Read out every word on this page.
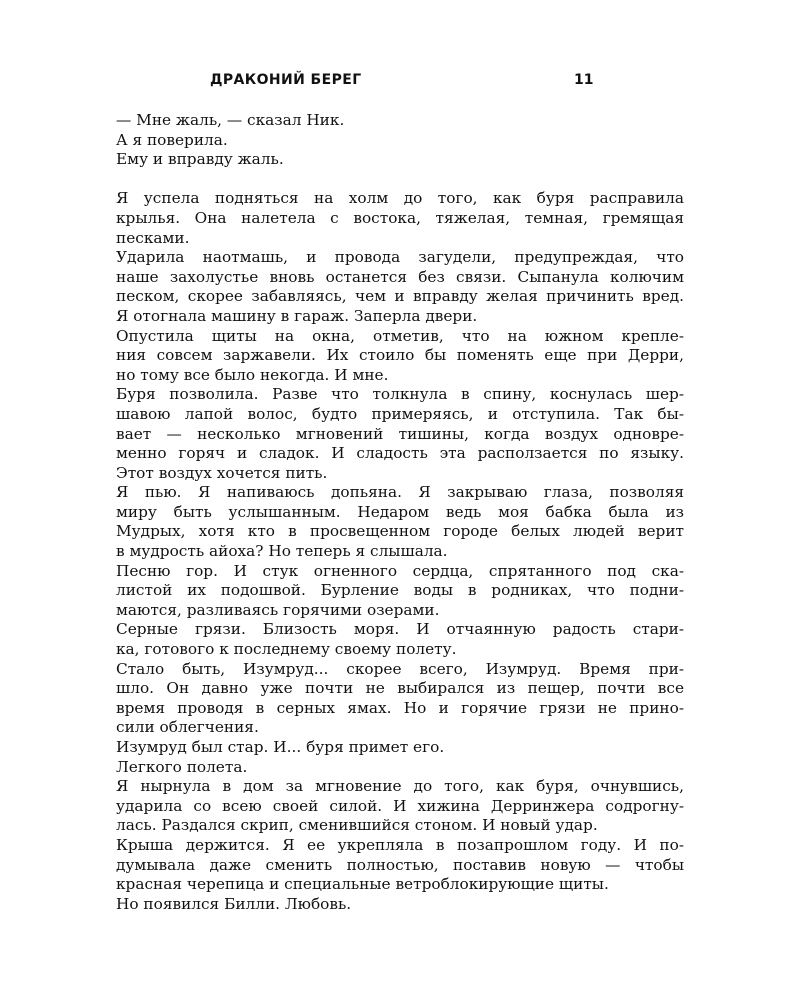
ДРАКОНИЙ БЕРЕГ	11
— Мне жаль, — сказал Ник.
А я поверила.
Ему и вправду жаль.
Я успела подняться на холм до того, как буря расправила
крылья. Она налетела с востока, тяжелая, темная, гремящая
песками.
Ударила наотмашь, и провода загудели, предупреждая, что
наше захолустье вновь останется без связи. Сыпанула колючим
песком, скорее забавляясь, чем и вправду желая причинить вред.
Я отогнала машину в гараж. Заперла двери.
Опустила щиты на окна, отметив, что на южном крепле-
ния совсем заржавели. Их стоило бы поменять еще при Дерри,
но тому все было некогда. И мне.
Буря позволила. Разве что толкнула в спину, коснулась шер-
шавою лапой волос, будто примеряясь, и отступила. Так бы-
вает — несколько мгновений тишины, когда воздух одновре-
менно горяч и сладок. И сладость эта расползается по языку.
Этот воздух хочется пить.
Я пью. Я напиваюсь допьяна. Я закрываю глаза, позволяя
миру быть услышанным. Недаром ведь моя бабка была из
Мудрых, хотя кто в просвещенном городе белых людей верит
в мудрость айоха? Но теперь я слышала.
Песню гор. И стук огненного сердца, спрятанного под ска-
листой их подошвой. Бурление воды в родниках, что подни-
маются, разливаясь горячими озерами.
Серные грязи. Близость моря. И отчаянную радость стари-
ка, готового к последнему своему полету.
Стало быть, Изумруд... скорее всего, Изумруд. Время при-
шло. Он давно уже почти не выбирался из пещер, почти все
время проводя в серных ямах. Но и горячие грязи не прино-
сили облегчения.
Изумруд был стар. И... буря примет его.
Легкого полета.
Я нырнула в дом за мгновение до того, как буря, очнувшись,
ударила со всею своей силой. И хижина Дерринжера содрогну-
лась. Раздался скрип, сменившийся стоном. И новый удар.
Крыша держится. Я ее укрепляла в позапрошлом году. И по-
думывала даже сменить полностью, поставив новую — чтобы
красная черепица и специальные ветроблокирующие щиты.
Но появился Билли. Любовь.
